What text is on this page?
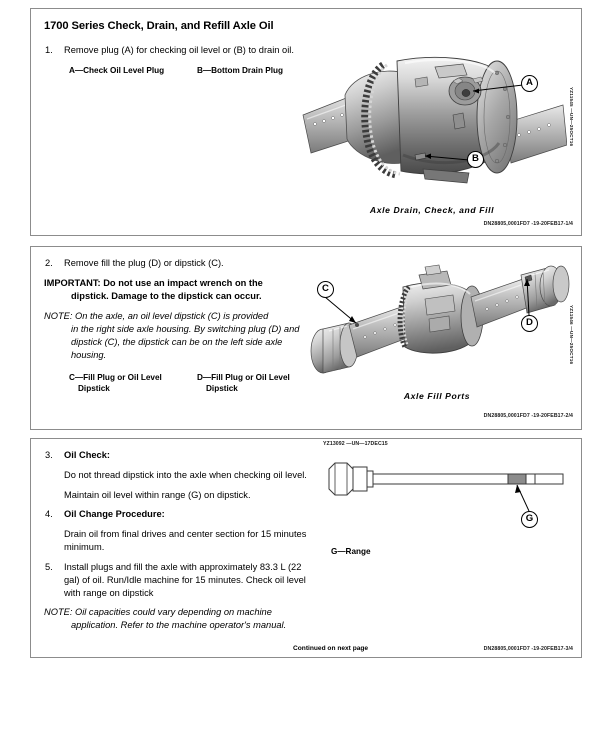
1700 Series Check, Drain, and Refill Axle Oil
1. Remove plug (A) for checking oil level or (B) to drain oil.
A—Check Oil Level Plug	B—Bottom Drain Plug
A
B
Axle Drain, Check, and Fill
YZ11545 —UN—25OCT16
DN28805,0001FD7 -19-20FEB17-1/4
2. Remove fill the plug (D) or dipstick (C).
IMPORTANT: Do not use an impact wrench on the
dipstick. Damage to the dipstick can occur.
NOTE: On the axle, an oil level dipstick (C) is provided
in the right side axle housing. By switching plug (D) and dipstick (C), the dipstick can be on the left side axle housing.
C—Fill Plug or Oil Level
Dipstick
D—Fill Plug or Oil Level
Dipstick
C
D
Axle Fill Ports
YZ11546 —UN—25OCT16
DN28805,0001FD7 -19-20FEB17-2/4
3. Oil Check:
Do not thread dipstick into the axle when checking oil level.
Maintain oil level within range (G) on dipstick.
4. Oil Change Procedure:
Drain oil from final drives and center section for 15 minutes minimum.
5. Install plugs and fill the axle with approximately 83.3 L (22 gal) of oil. Run/Idle machine for 15 minutes. Check oil level with range on dipstick
NOTE: Oil capacities could vary depending on machine
application. Refer to the machine operator's manual.
G
YZ13092 —UN—17DEC15
G—Range
Continued on next page	DN28805,0001FD7 -19-20FEB17-3/4
